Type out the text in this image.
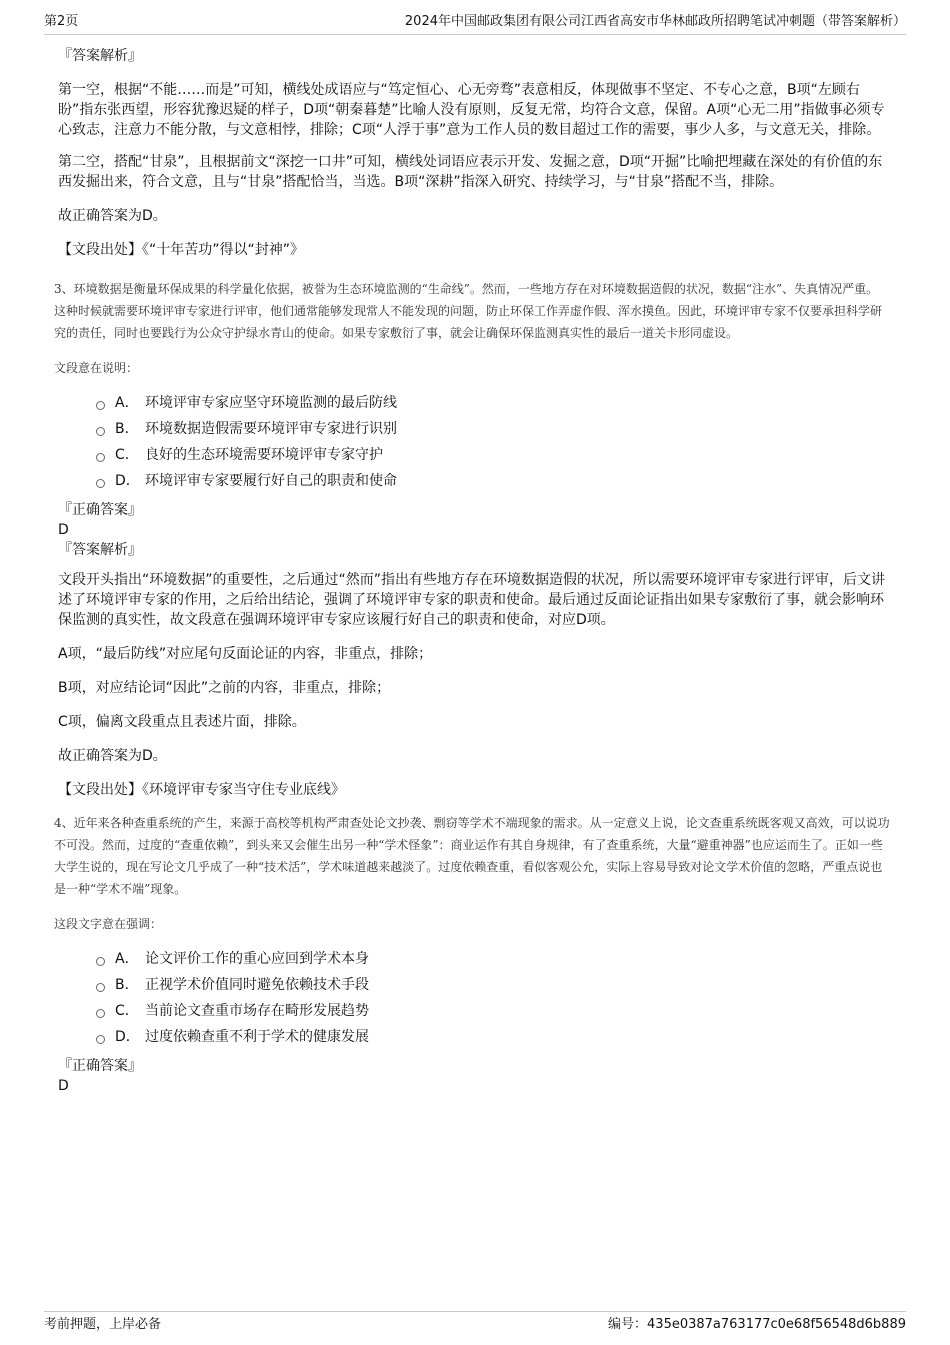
第2页	2024年中国邮政集团有限公司江西省高安市华林邮政所招聘笔试冲刺题（带答案解析）
『答案解析』

第一空，根据“不能……而是”可知，横线处成语应与“笃定恒心、心无旁骛”表意相反，体现做事不坚定、不专心之意，B项“左顾右盼”指东张西望，形容犹豫迟疑的样子，D项“朝秦暮楚”比喻人没有原则，反复无常，均符合文意，保留。A项“心无二用”指做事必须专心致志，注意力不能分散，与文意相悖，排除；C项“人浮于事”意为工作人员的数目超过工作的需要，事少人多，与文意无关，排除。

第二空，搭配“甘泉”，且根据前文“深挖一口井”可知，横线处词语应表示开发、发掘之意，D项“开掘”比喻把埋藏在深处的有价值的东西发掘出来，符合文意，且与“甘泉”搭配恰当，当选。B项“深耕”指深入研究、持续学习，与“甘泉”搭配不当，排除。

故正确答案为D。

【文段出处】《“十年苦功”得以“封神”》

3、环境数据是衡量环保成果的科学量化依据，被誉为生态环境监测的“生命线”。然而，一些地方存在对环境数据造假的状况，数据“注水”、失真情况严重。这种时候就需要环境评审专家进行评审，他们通常能够发现常人不能发现的问题，防止环保工作弄虚作假、浑水摸鱼。因此，环境评审专家不仅要承担科学研究的责任，同时也要践行为公众守护绿水青山的使命。如果专家敷衍了事，就会让确保环保监测真实性的最后一道关卡形同虚设。

文段意在说明：
A． 环境评审专家应坚守环境监测的最后防线
B． 环境数据造假需要环境评审专家进行识别
C． 良好的生态环境需要环境评审专家守护
D． 环境评审专家要履行好自己的职责和使命
『正确答案』
D
『答案解析』

文段开头指出“环境数据”的重要性，之后通过“然而”指出有些地方存在环境数据造假的状况，所以需要环境评审专家进行评审，后文讲述了环境评审专家的作用，之后给出结论，强调了环境评审专家的职责和使命。最后通过反面论证指出如果专家敷衍了事，就会影响环保监测的真实性，故文段意在强调环境评审专家应该履行好自己的职责和使命，对应D项。

A项，“最后防线”对应尾句反面论证的内容，非重点，排除；

B项，对应结论词“因此”之前的内容，非重点，排除；

C项，偏离文段重点且表述片面，排除。

故正确答案为D。

【文段出处】《环境评审专家当守住专业底线》

4、近年来各种查重系统的产生，来源于高校等机构严肃查处论文抄袭、剽窃等学术不端现象的需求。从一定意义上说，论文查重系统既客观又高效，可以说功不可没。然而，过度的“查重依赖”，到头来又会催生出另一种“学术怪象”：商业运作有其自身规律，有了查重系统，大量“避重神器”也应运而生了。正如一些大学生说的，现在写论文几乎成了一种“技术活”，学术味道越来越淡了。过度依赖查重，看似客观公允，实际上容易导致对论文学术价值的忽略，严重点说也是一种“学术不端”现象。

这段文字意在强调：
A． 论文评价工作的重心应回到学术本身
B． 正视学术价值同时避免依赖技术手段
C． 当前论文查重市场存在畸形发展趋势
D． 过度依赖查重不利于学术的健康发展
『正确答案』
D
考前押题，上岸必备	编号：435e0387a763177c0e68f56548d6b889
